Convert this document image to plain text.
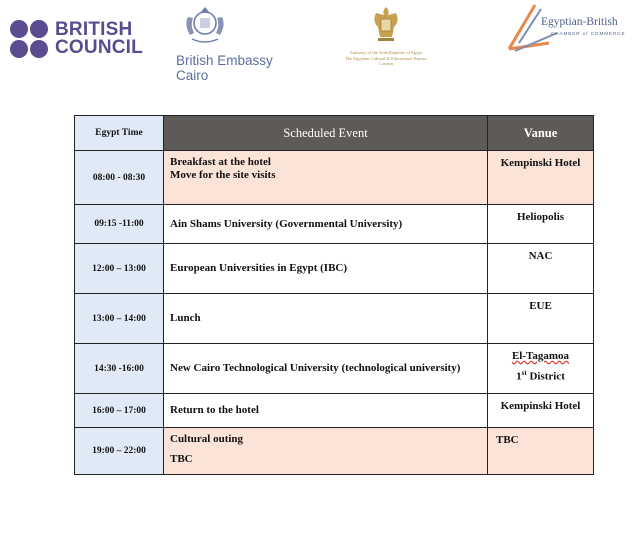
BRITISH
COUNCIL
British Embassy
Cairo
Embassy of the Arab Republic of Egypt
The Egyptian Cultural & Educational Bureau
London
Egyptian-British
CHAMBER of COMMERCE
Egypt Time	Scheduled Event	Vanue
08:00 - 08:30	Breakfast at the hotel
Move for the site visits	Kempinski Hotel
09:15 -11:00	Ain Shams University (Governmental University)	Heliopolis
12:00 – 13:00	European Universities in Egypt (IBC)	NAC
13:00 – 14:00	Lunch	EUE
14:30 -16:00	New Cairo Technological University (technological university)	El-Tagamoa
1st District

16:00 – 17:00	Return to the hotel	Kempinski Hotel
19:00 – 22:00	Cultural outing
TBC	TBC
